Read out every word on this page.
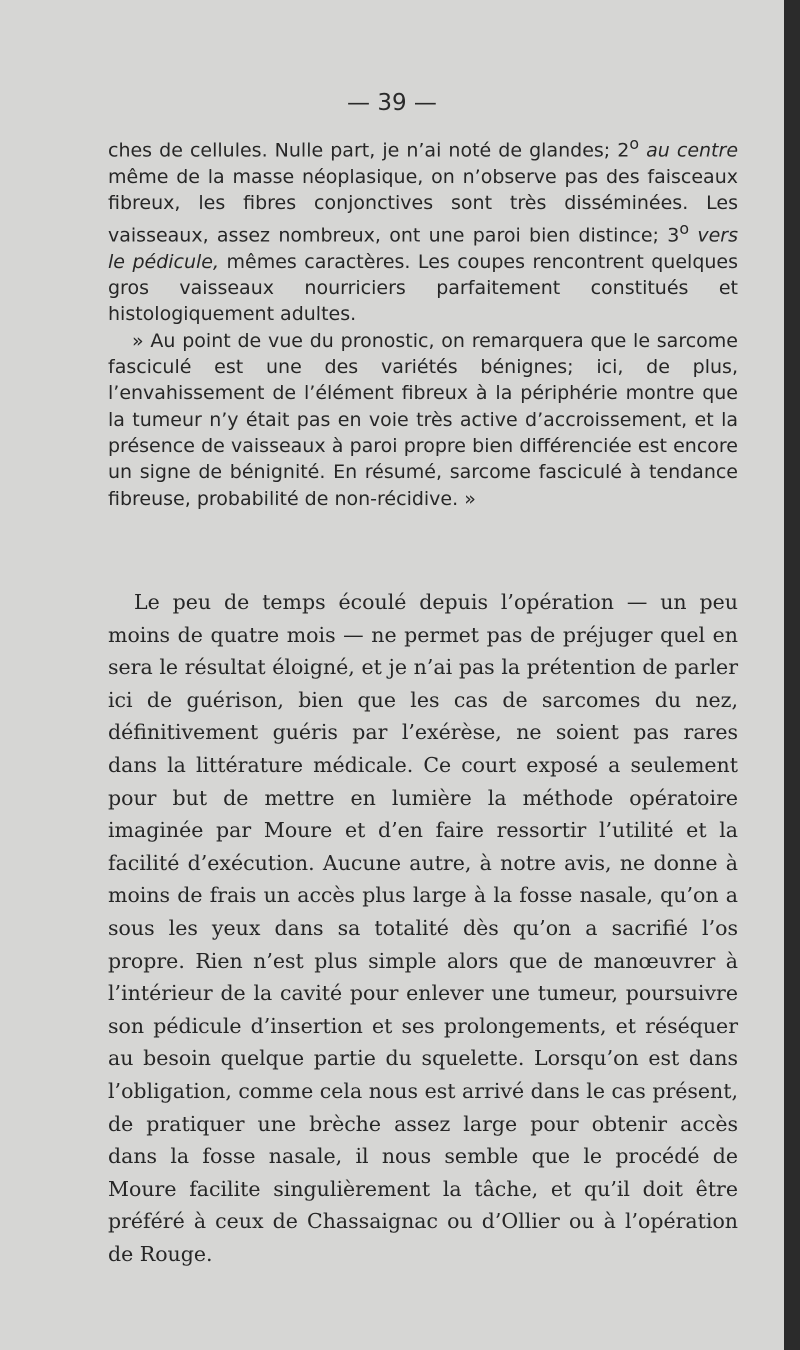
— 39 —

ches de cellules. Nulle part, je n’ai noté de glandes; 2$^o$ au centre même de la masse néoplasique, on n’observe pas des faisceaux fibreux, les fibres conjonctives sont très disséminées. Les vaisseaux, assez nombreux, ont une paroi bien distince; 3$^o$ vers le pédicule, mêmes caractères. Les coupes rencontrent quelques gros vaisseaux nourriciers parfaitement constitués et histologiquement adultes.

» Au point de vue du pronostic, on remarquera que le sarcome fasciculé est une des variétés bénignes; ici, de plus, l’envahissement de l’élément fibreux à la périphérie montre que la tumeur n’y était pas en voie très active d’accroissement, et la présence de vaisseaux à paroi propre bien différenciée est encore un signe de bénignité. En résumé, sarcome fasciculé à tendance fibreuse, probabilité de non-récidive. »

Le peu de temps écoulé depuis l’opération — un peu moins de quatre mois — ne permet pas de préjuger quel en sera le résultat éloigné, et je n’ai pas la prétention de parler ici de guérison, bien que les cas de sarcomes du nez, définitivement guéris par l’exérèse, ne soient pas rares dans la littérature médicale. Ce court exposé a seulement pour but de mettre en lumière la méthode opératoire imaginée par Moure et d’en faire ressortir l’utilité et la facilité d’exécution. Aucune autre, à notre avis, ne donne à moins de frais un accès plus large à la fosse nasale, qu’on a sous les yeux dans sa totalité dès qu’on a sacrifié l’os propre. Rien n’est plus simple alors que de manœuvrer à l’intérieur de la cavité pour enlever une tumeur, poursuivre son pédicule d’insertion et ses prolongements, et réséquer au besoin quelque partie du squelette. Lorsqu’on est dans l’obligation, comme cela nous est arrivé dans le cas présent, de pratiquer une brèche assez large pour obtenir accès dans la fosse nasale, il nous semble que le procédé de Moure facilite singulièrement la tâche, et qu’il doit être préféré à ceux de Chassaignac ou d’Ollier ou à l’opération de Rouge.
